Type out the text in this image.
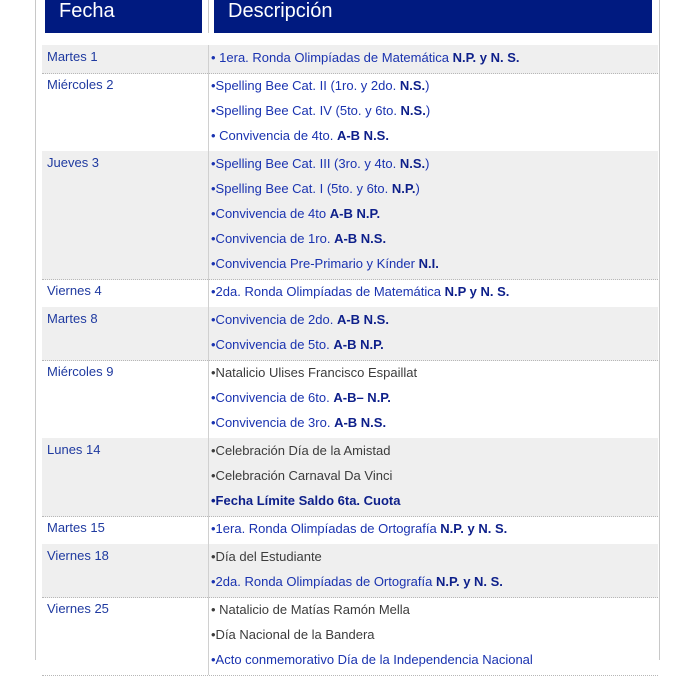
Fecha	Descripción
Martes 1	• 1era. Ronda Olimpíadas de Matemática N.P. y N. S.
Miércoles 2	•Spelling Bee Cat. II (1ro. y 2do. N.S.)
•Spelling Bee Cat. IV (5to. y 6to. N.S.)
• Convivencia de 4to. A-B N.S.
Jueves 3	•Spelling Bee Cat. III (3ro. y 4to. N.S.)
•Spelling Bee Cat. I (5to. y 6to. N.P.)
•Convivencia de 4to A-B N.P.
•Convivencia de 1ro. A-B N.S.
•Convivencia Pre-Primario y Kínder N.I.
Viernes 4	•2da. Ronda Olimpíadas de Matemática N.P y N. S.
Martes 8	•Convivencia de 2do. A-B N.S.
•Convivencia de 5to. A-B N.P.
Miércoles 9	•Natalicio Ulises Francisco Espaillat
•Convivencia de 6to. A-B– N.P.
•Convivencia de 3ro. A-B N.S.
Lunes 14	•Celebración Día de la Amistad
•Celebración Carnaval Da Vinci
•Fecha Límite Saldo 6ta. Cuota
Martes 15	•1era. Ronda Olimpíadas de Ortografía N.P. y N. S.
Viernes 18	•Día del Estudiante
•2da. Ronda Olimpíadas de Ortografía N.P. y N. S.
Viernes 25	• Natalicio de Matías Ramón Mella
•Día Nacional de la Bandera
•Acto conmemorativo Día de la Independencia Nacional
